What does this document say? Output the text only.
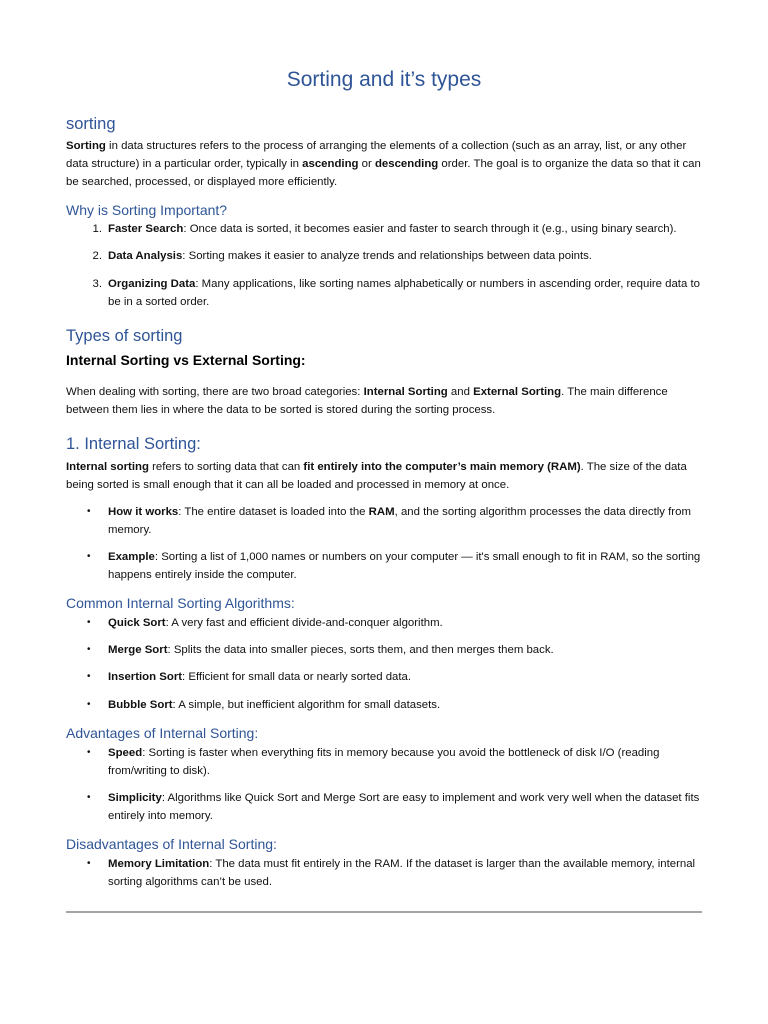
Sorting and it’s types
sorting

Sorting in data structures refers to the process of arranging the elements of a collection (such as an array, list, or any other data structure) in a particular order, typically in ascending or descending order. The goal is to organize the data so that it can be searched, processed, or displayed more efficiently.

Why is Sorting Important?
1. Faster Search: Once data is sorted, it becomes easier and faster to search through it (e.g., using binary search).
2. Data Analysis: Sorting makes it easier to analyze trends and relationships between data points.
3. Organizing Data: Many applications, like sorting names alphabetically or numbers in ascending order, require data to be in a sorted order.
Types of sorting
Internal Sorting vs External Sorting:

When dealing with sorting, there are two broad categories: Internal Sorting and External Sorting. The main difference between them lies in where the data to be sorted is stored during the sorting process.

1. Internal Sorting:

Internal sorting refers to sorting data that can fit entirely into the computer’s main memory (RAM). The size of the data being sorted is small enough that it can all be loaded and processed in memory at once.

• How it works: The entire dataset is loaded into the RAM, and the sorting algorithm processes the data directly from memory.
• Example: Sorting a list of 1,000 names or numbers on your computer — it's small enough to fit in RAM, so the sorting happens entirely inside the computer.
Common Internal Sorting Algorithms:
• Quick Sort: A very fast and efficient divide-and-conquer algorithm.
• Merge Sort: Splits the data into smaller pieces, sorts them, and then merges them back.
• Insertion Sort: Efficient for small data or nearly sorted data.
• Bubble Sort: A simple, but inefficient algorithm for small datasets.
Advantages of Internal Sorting:
• Speed: Sorting is faster when everything fits in memory because you avoid the bottleneck of disk I/O (reading from/writing to disk).
• Simplicity: Algorithms like Quick Sort and Merge Sort are easy to implement and work very well when the dataset fits entirely into memory.
Disadvantages of Internal Sorting:
• Memory Limitation: The data must fit entirely in the RAM. If the dataset is larger than the available memory, internal sorting algorithms can’t be used.
